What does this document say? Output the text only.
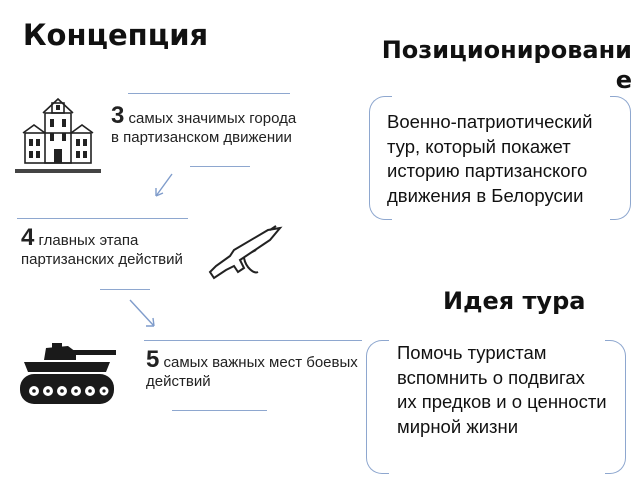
Концепция	Позиционирование
Идея тура
3 самых значимых города в партизанском движении
4 главных этапа партизанских действий
5 самых важных мест боевых действий
Военно-патриотический тур, который покажет историю партизанского движения в Белорусии
Помочь туристам вспомнить о подвигах их предков и о ценности мирной жизни
